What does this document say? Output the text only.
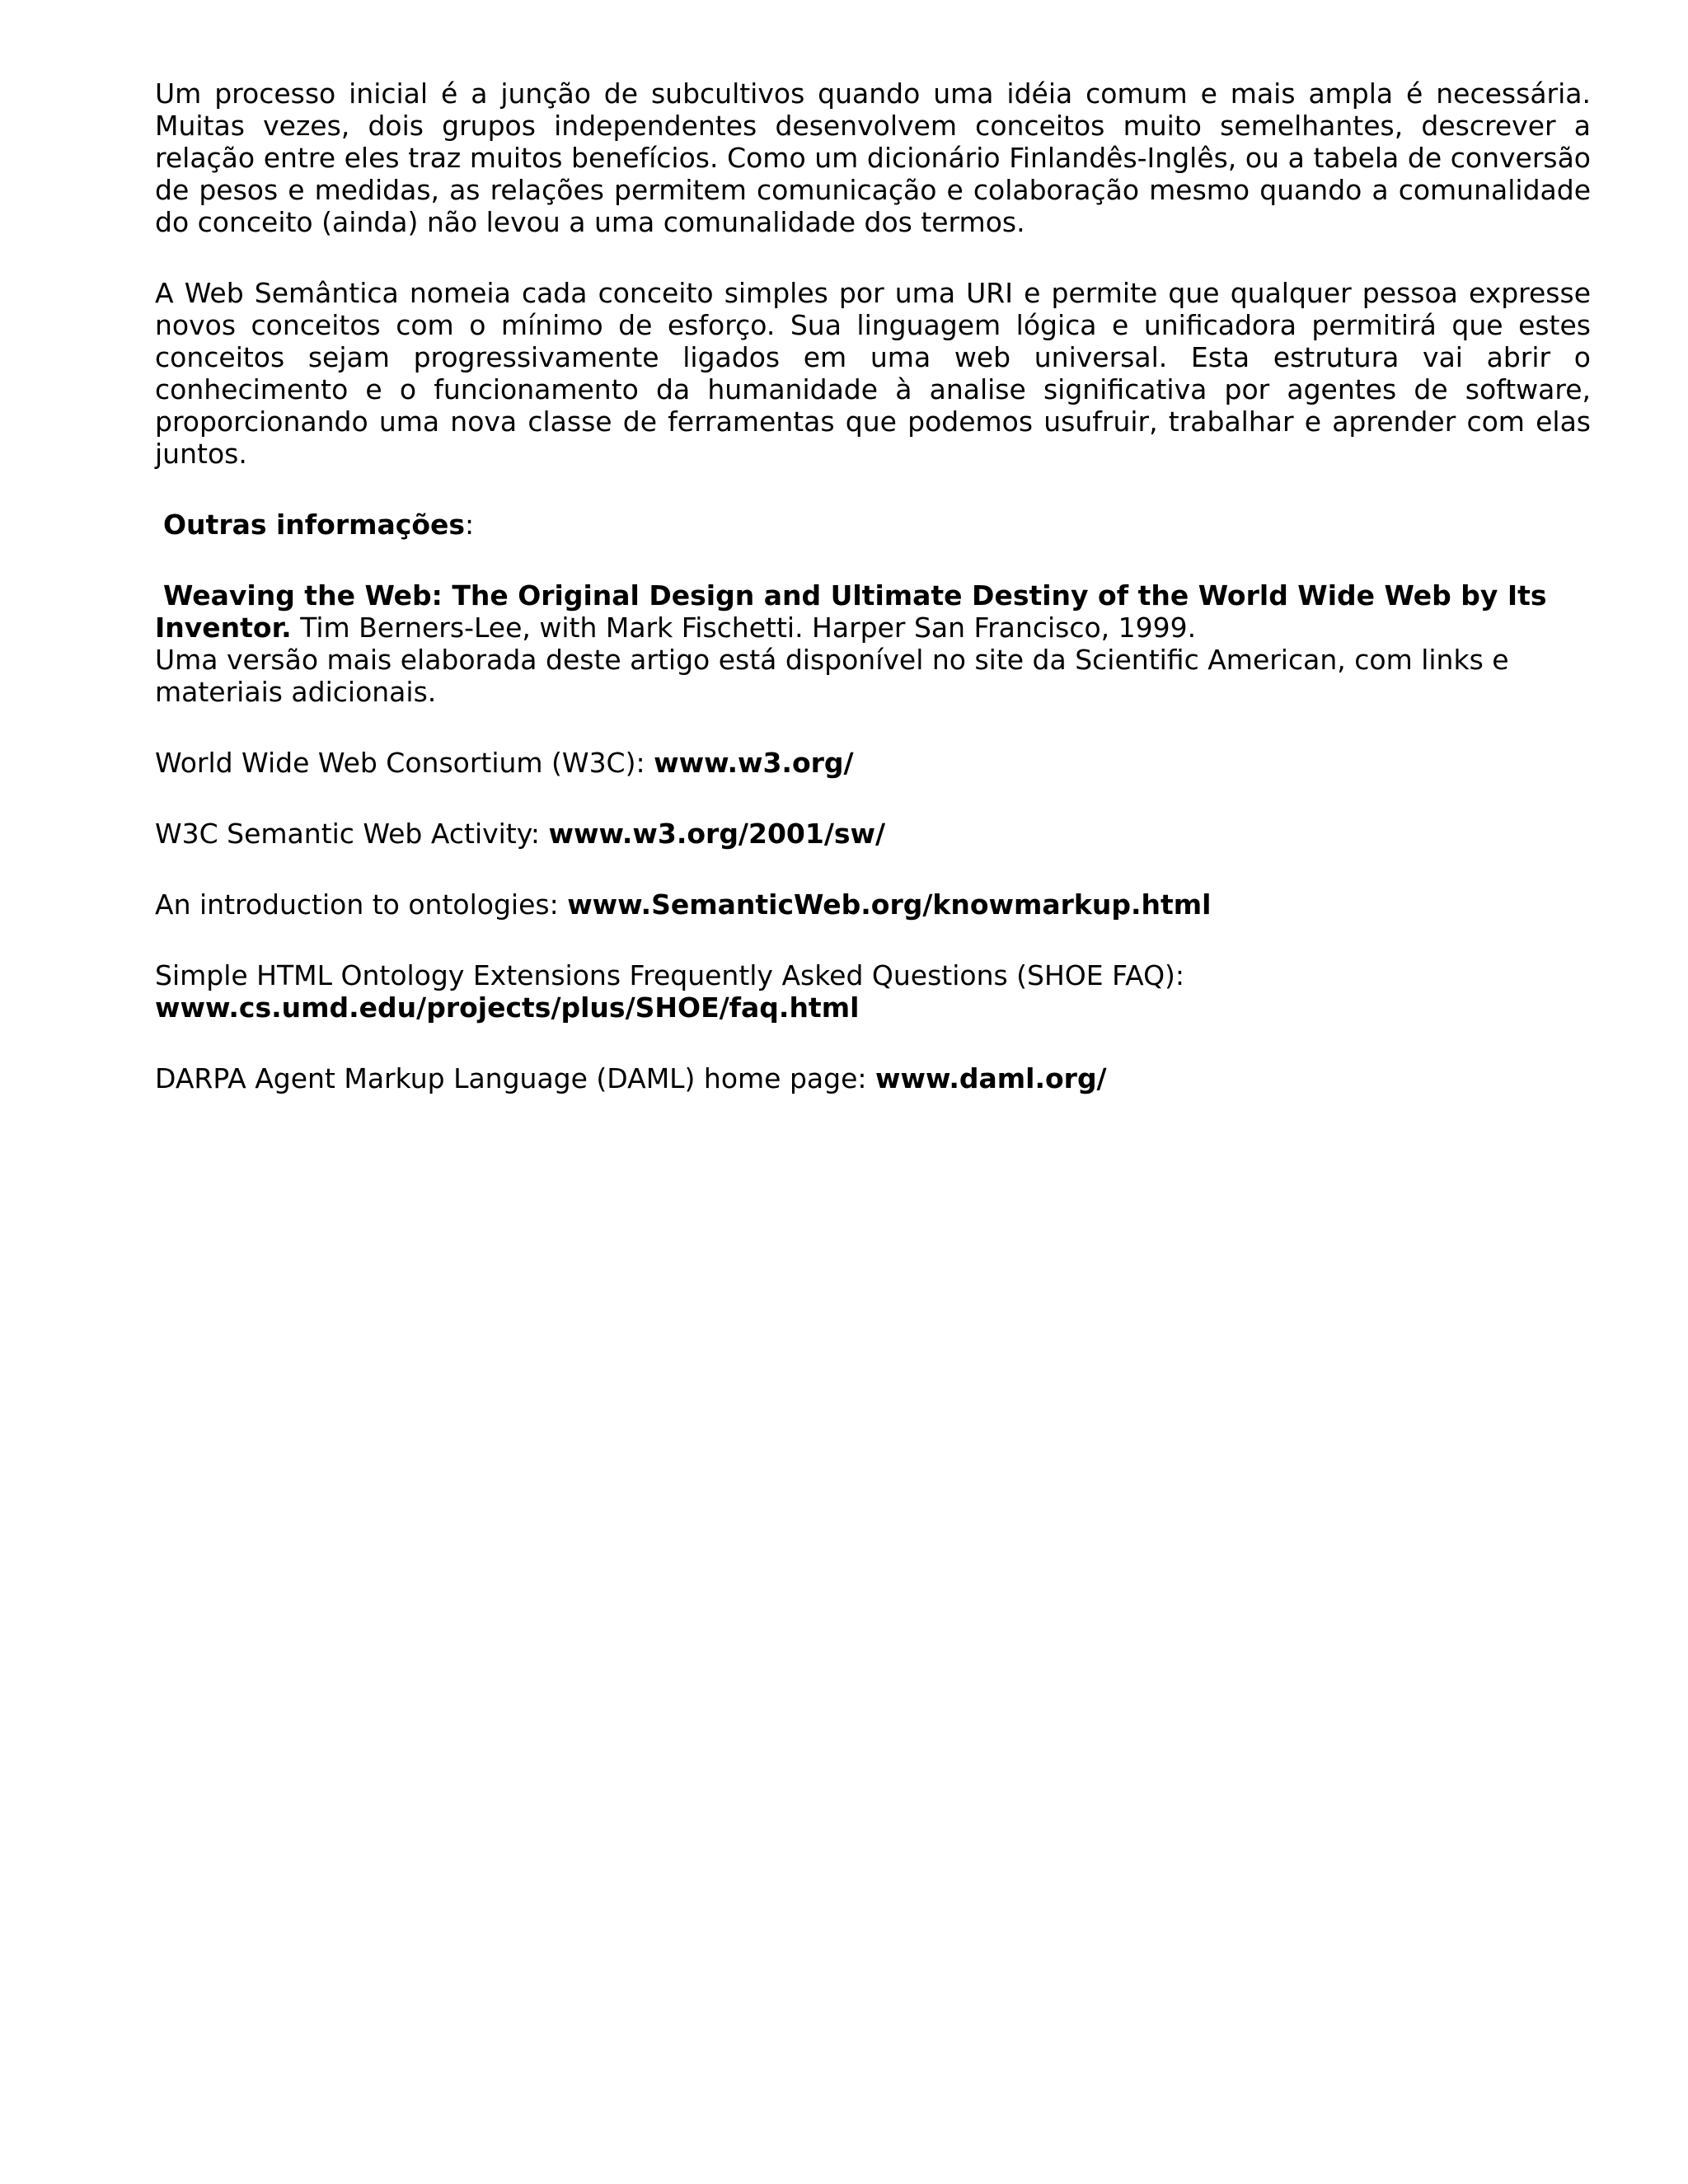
Um processo inicial é a junção de subcultivos quando uma idéia comum e mais ampla é necessária. Muitas vezes, dois grupos independentes desenvolvem conceitos muito semelhantes, descrever a relação entre eles traz muitos benefícios. Como um dicionário Finlandês-Inglês, ou a tabela de conversão de pesos e medidas, as relações permitem comunicação e colaboração mesmo quando a comunalidade do conceito (ainda) não levou a uma comunalidade dos termos.

A Web Semântica nomeia cada conceito simples por uma URI e permite que qualquer pessoa expresse novos conceitos com o mínimo de esforço. Sua linguagem lógica e unificadora permitirá que estes conceitos sejam progressivamente ligados em uma web universal. Esta estrutura vai abrir o conhecimento e o funcionamento da humanidade à analise significativa por agentes de software, proporcionando uma nova classe de ferramentas que podemos usufruir, trabalhar e aprender com elas juntos.

Outras informações:

Weaving the Web: The Original Design and Ultimate Destiny of the World Wide Web by Its Inventor. Tim Berners-Lee, with Mark Fischetti. Harper San Francisco, 1999.
Uma versão mais elaborada deste artigo está disponível no site da Scientific American, com links e materiais adicionais.

World Wide Web Consortium (W3C): www.w3.org/

W3C Semantic Web Activity: www.w3.org/2001/sw/

An introduction to ontologies: www.SemanticWeb.org/knowmarkup.html

Simple HTML Ontology Extensions Frequently Asked Questions (SHOE FAQ):
www.cs.umd.edu/projects/plus/SHOE/faq.html

DARPA Agent Markup Language (DAML) home page: www.daml.org/
